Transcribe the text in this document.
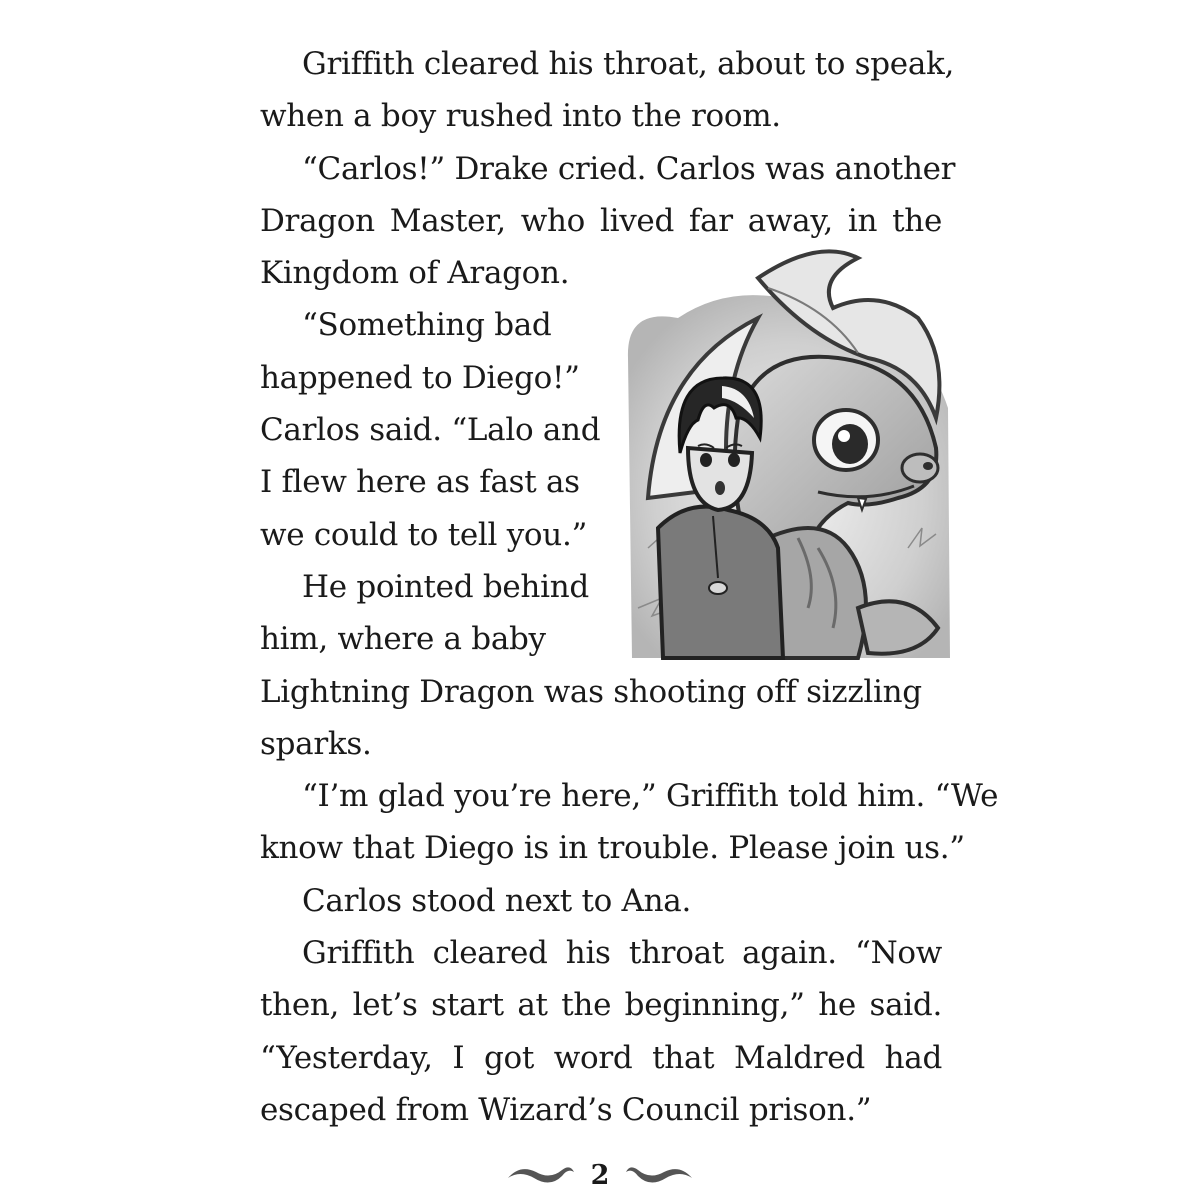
Griffith cleared his throat, about to speak,
when a boy rushed into the room.
“Carlos!” Drake cried. Carlos was another
Dragon Master, who lived far away, in the
Kingdom of Aragon.
“Something bad
happened to Diego!”
Carlos said. “Lalo and
I flew here as fast as
we could to tell you.”
He pointed behind
him, where a baby
Lightning Dragon was shooting off sizzling
sparks.
“I’m glad you’re here,” Griffith told him. “We
know that Diego is in trouble. Please join us.”
Carlos stood next to Ana.
Griffith cleared his throat again. “Now
then, let’s start at the beginning,” he said.
“Yesterday, I got word that Maldred had
escaped from Wizard’s Council prison.”
2
